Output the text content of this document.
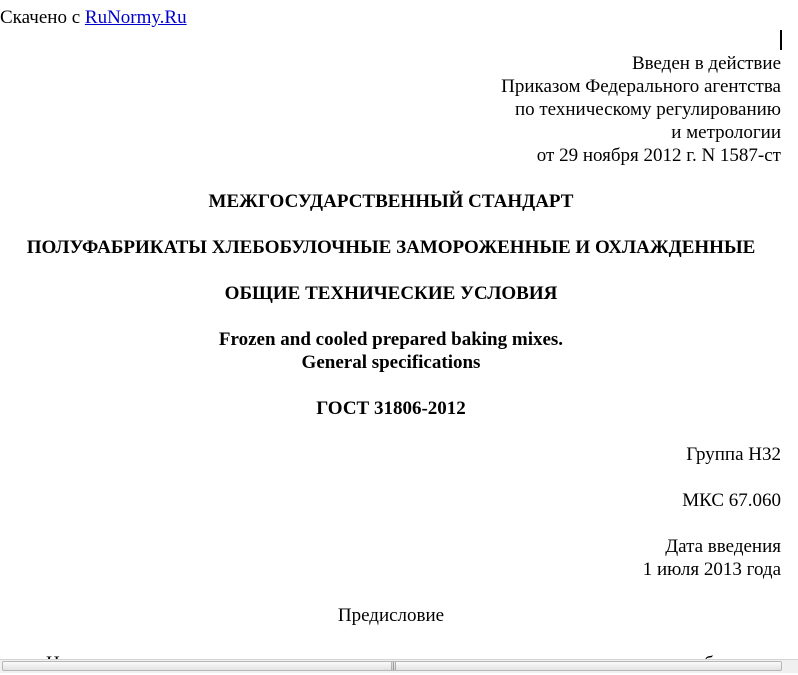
Скачено с RuNormy.Ru
Введен в действие
Приказом Федерального агентства
по техническому регулированию
и метрологии
от 29 ноября 2012 г. N 1587-ст
МЕЖГОСУДАРСТВЕННЫЙ СТАНДАРТ
ПОЛУФАБРИКАТЫ ХЛЕБОБУЛОЧНЫЕ ЗАМОРОЖЕННЫЕ И ОХЛАЖДЕННЫЕ
ОБЩИЕ ТЕХНИЧЕСКИЕ УСЛОВИЯ
Frozen and cooled prepared baking mixes.
General specifications
ГОСТ 31806-2012
Группа Н32
МКС 67.060
Дата введения
1 июля 2013 года
Предисловие
|||
